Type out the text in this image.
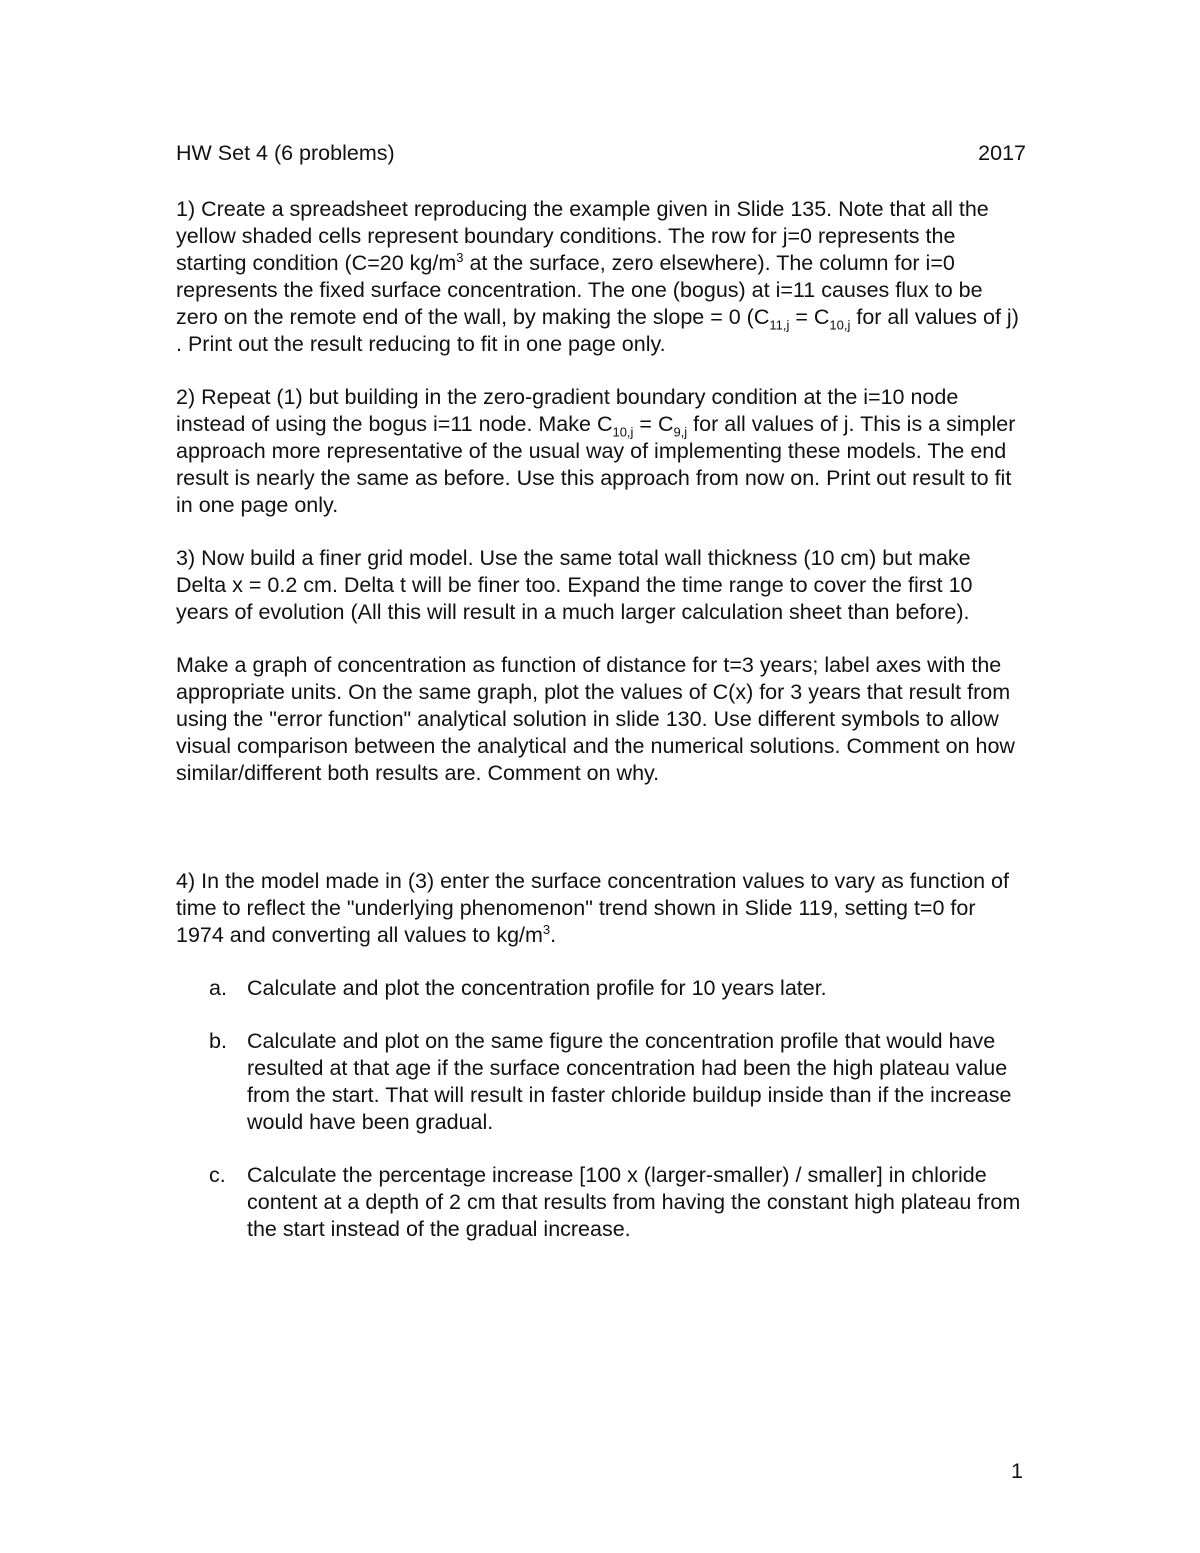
HW Set 4 (6 problems)	2017

1) Create a spreadsheet reproducing the example given in Slide 135. Note that all the yellow shaded cells represent boundary conditions. The row for j=0 represents the starting condition (C=20 $kg/m^3$ at the surface, zero elsewhere). The column for i=0 represents the fixed surface concentration. The one (bogus) at i=11 causes flux to be zero on the remote end of the wall, by making the slope = 0 ($C_{11,j} = C_{10,j}$ for all values of j) . Print out the result reducing to fit in one page only.

2) Repeat (1) but building in the zero-gradient boundary condition at the i=10 node instead of using the bogus i=11 node. Make $C_{10,j} = C_{9,j}$ for all values of j. This is a simpler approach more representative of the usual way of implementing these models. The end result is nearly the same as before. Use this approach from now on. Print out result to fit in one page only.

3) Now build a finer grid model. Use the same total wall thickness (10 cm) but make Delta x = 0.2 cm. Delta t will be finer too. Expand the time range to cover the first 10 years of evolution (All this will result in a much larger calculation sheet than before).

Make a graph of concentration as function of distance for t=3 years; label axes with the appropriate units. On the same graph, plot the values of C(x) for 3 years that result from using the "error function" analytical solution in slide 130. Use different symbols to allow visual comparison between the analytical and the numerical solutions. Comment on how similar/different both results are. Comment on why.

4) In the model made in (3) enter the surface concentration values to vary as function of time to reflect the "underlying phenomenon" trend shown in Slide 119, setting t=0 for 1974 and converting all values to $kg/m^3$.

a. Calculate and plot the concentration profile for 10 years later.
b. Calculate and plot on the same figure the concentration profile that would have resulted at that age if the surface concentration had been the high plateau value from the start. That will result in faster chloride buildup inside than if the increase would have been gradual.
c. Calculate the percentage increase [100 x (larger-smaller) / smaller] in chloride content at a depth of 2 cm that results from having the constant high plateau from the start instead of the gradual increase.
1
